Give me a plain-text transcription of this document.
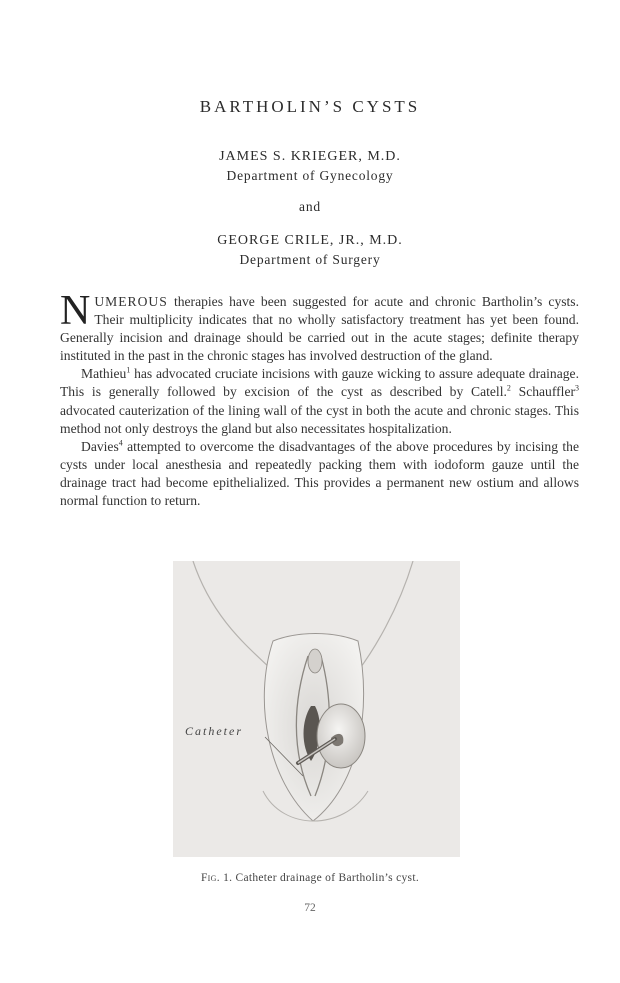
BARTHOLIN’S CYSTS
JAMES S. KRIEGER, M.D.
Department of Gynecology
and
GEORGE CRILE, JR., M.D.
Department of Surgery

NUMEROUS therapies have been suggested for acute and chronic Bartholin’s cysts. Their multiplicity indicates that no wholly satisfactory treatment has yet been found. Generally incision and drainage should be carried out in the acute stages; definite therapy instituted in the past in the chronic stages has involved destruction of the gland.

Mathieu$^1$ has advocated cruciate incisions with gauze wicking to assure adequate drainage. This is generally followed by excision of the cyst as described by Catell.$^2$ Schauffler$^3$ advocated cauterization of the lining wall of the cyst in both the acute and chronic stages. This method not only destroys the gland but also necessitates hospitalization.

Davies$^4$ attempted to overcome the disadvantages of the above procedures by incising the cysts under local anesthesia and repeatedly packing them with iodoform gauze until the drainage tract had become epithelialized. This provides a permanent new ostium and allows normal function to return.

Catheter
Fig. 1. Catheter drainage of Bartholin’s cyst.
72
